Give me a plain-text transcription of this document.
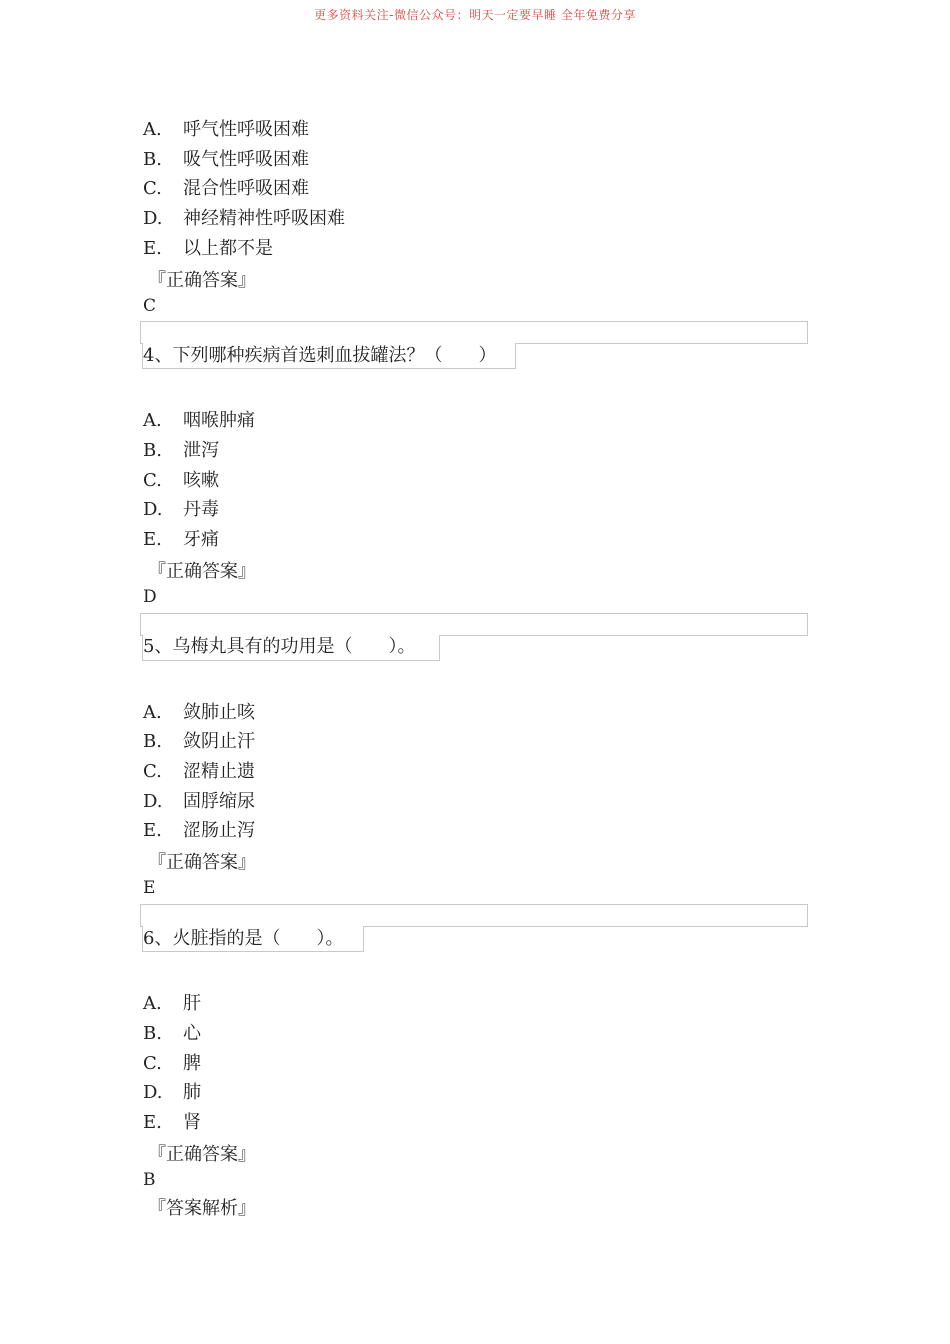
更多资料关注-微信公众号：明天一定要早睡 全年免费分享
A. 呼气性呼吸困难
B. 吸气性呼吸困难
C. 混合性呼吸困难
D. 神经精神性呼吸困难
E. 以上都不是
『正确答案』
C
4、下列哪种疾病首选刺血拔罐法？（　　）
A. 咽喉肿痛
B. 泄泻
C. 咳嗽
D. 丹毒
E. 牙痛
『正确答案』
D
5、乌梅丸具有的功用是（　　）。
A. 敛肺止咳
B. 敛阴止汗
C. 涩精止遗
D. 固脬缩尿
E. 涩肠止泻
『正确答案』
E
6、火脏指的是（　　）。
A. 肝
B. 心
C. 脾
D. 肺
E. 肾
『正确答案』
B
『答案解析』
